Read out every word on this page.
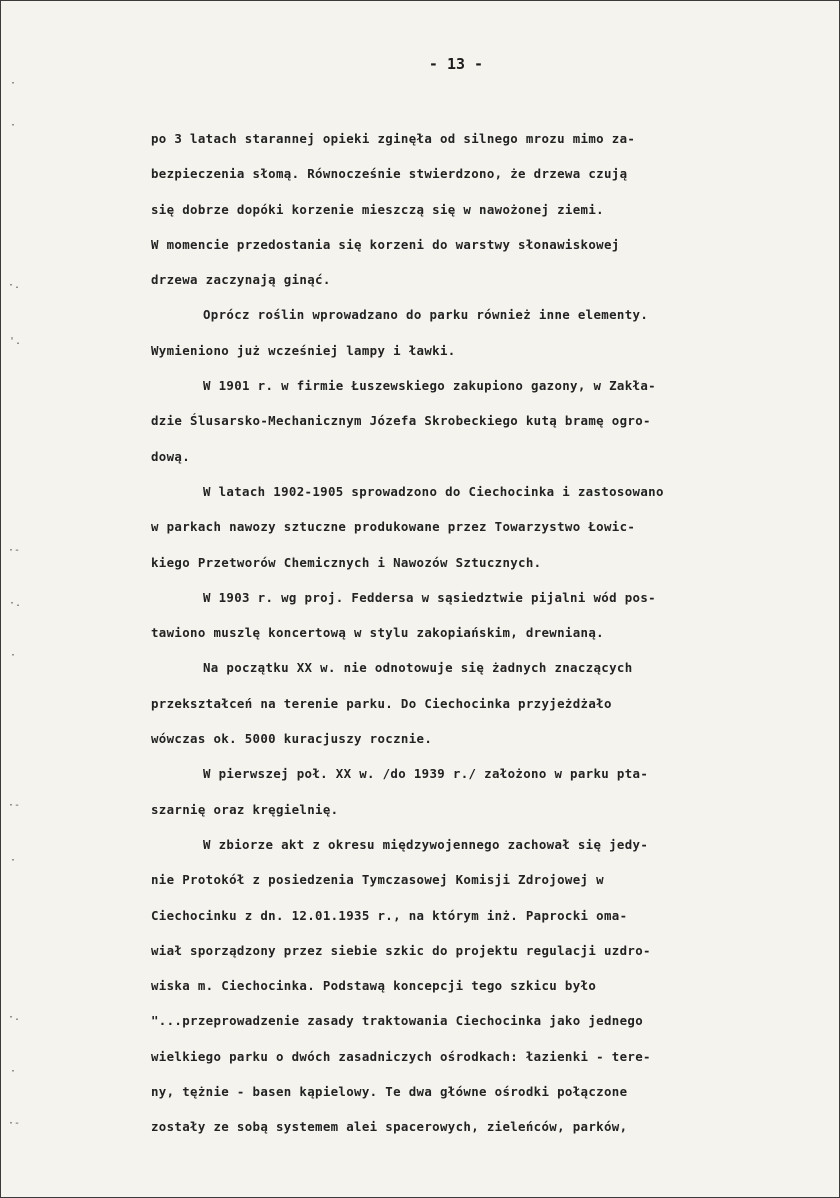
- 13 -
po 3 latach starannej opieki zginęła od silnego mrozu mimo za-
bezpieczenia słomą. Równocześnie stwierdzono, że drzewa czują
się dobrze dopóki korzenie mieszczą się w nawożonej ziemi.
W momencie przedostania się korzeni do warstwy słonawiskowej
drzewa zaczynają ginąć.
Oprócz roślin wprowadzano do parku również inne elementy.
Wymieniono już wcześniej lampy i ławki.
W 1901 r. w firmie Łuszewskiego zakupiono gazony, w Zakła-
dzie Ślusarsko-Mechanicznym Józefa Skrobeckiego kutą bramę ogro-
dową.
W latach 1902-1905 sprowadzono do Ciechocinka i zastosowano
w parkach nawozy sztuczne produkowane przez Towarzystwo Łowic-
kiego Przetworów Chemicznych i Nawozów Sztucznych.
W 1903 r. wg proj. Feddersa w sąsiedztwie pijalni wód pos-
tawiono muszlę koncertową w stylu zakopiańskim, drewnianą.
Na początku XX w. nie odnotowuje się żadnych znaczących
przekształceń na terenie parku. Do Ciechocinka przyjeżdżało
wówczas ok. 5000 kuracjuszy rocznie.
W pierwszej poł. XX w. /do 1939 r./ założono w parku pta-
szarnię oraz kręgielnię.
W zbiorze akt z okresu międzywojennego zachował się jedy-
nie Protokół z posiedzenia Tymczasowej Komisji Zdrojowej w
Ciechocinku z dn. 12.01.1935 r., na którym inż. Paprocki oma-
wiał sporządzony przez siebie szkic do projektu regulacji uzdro-
wiska m. Ciechocinka. Podstawą koncepcji tego szkicu było
"...przeprowadzenie zasady traktowania Ciechocinka jako jednego
wielkiego parku o dwóch zasadniczych ośrodkach: łazienki - tere-
ny, tężnie - basen kąpielowy. Te dwa główne ośrodki połączone
zostały ze sobą systemem alei spacerowych, zieleńców, parków,
·
·
·.
'.
·-
·.
·
·-
·
·.
·
·-
